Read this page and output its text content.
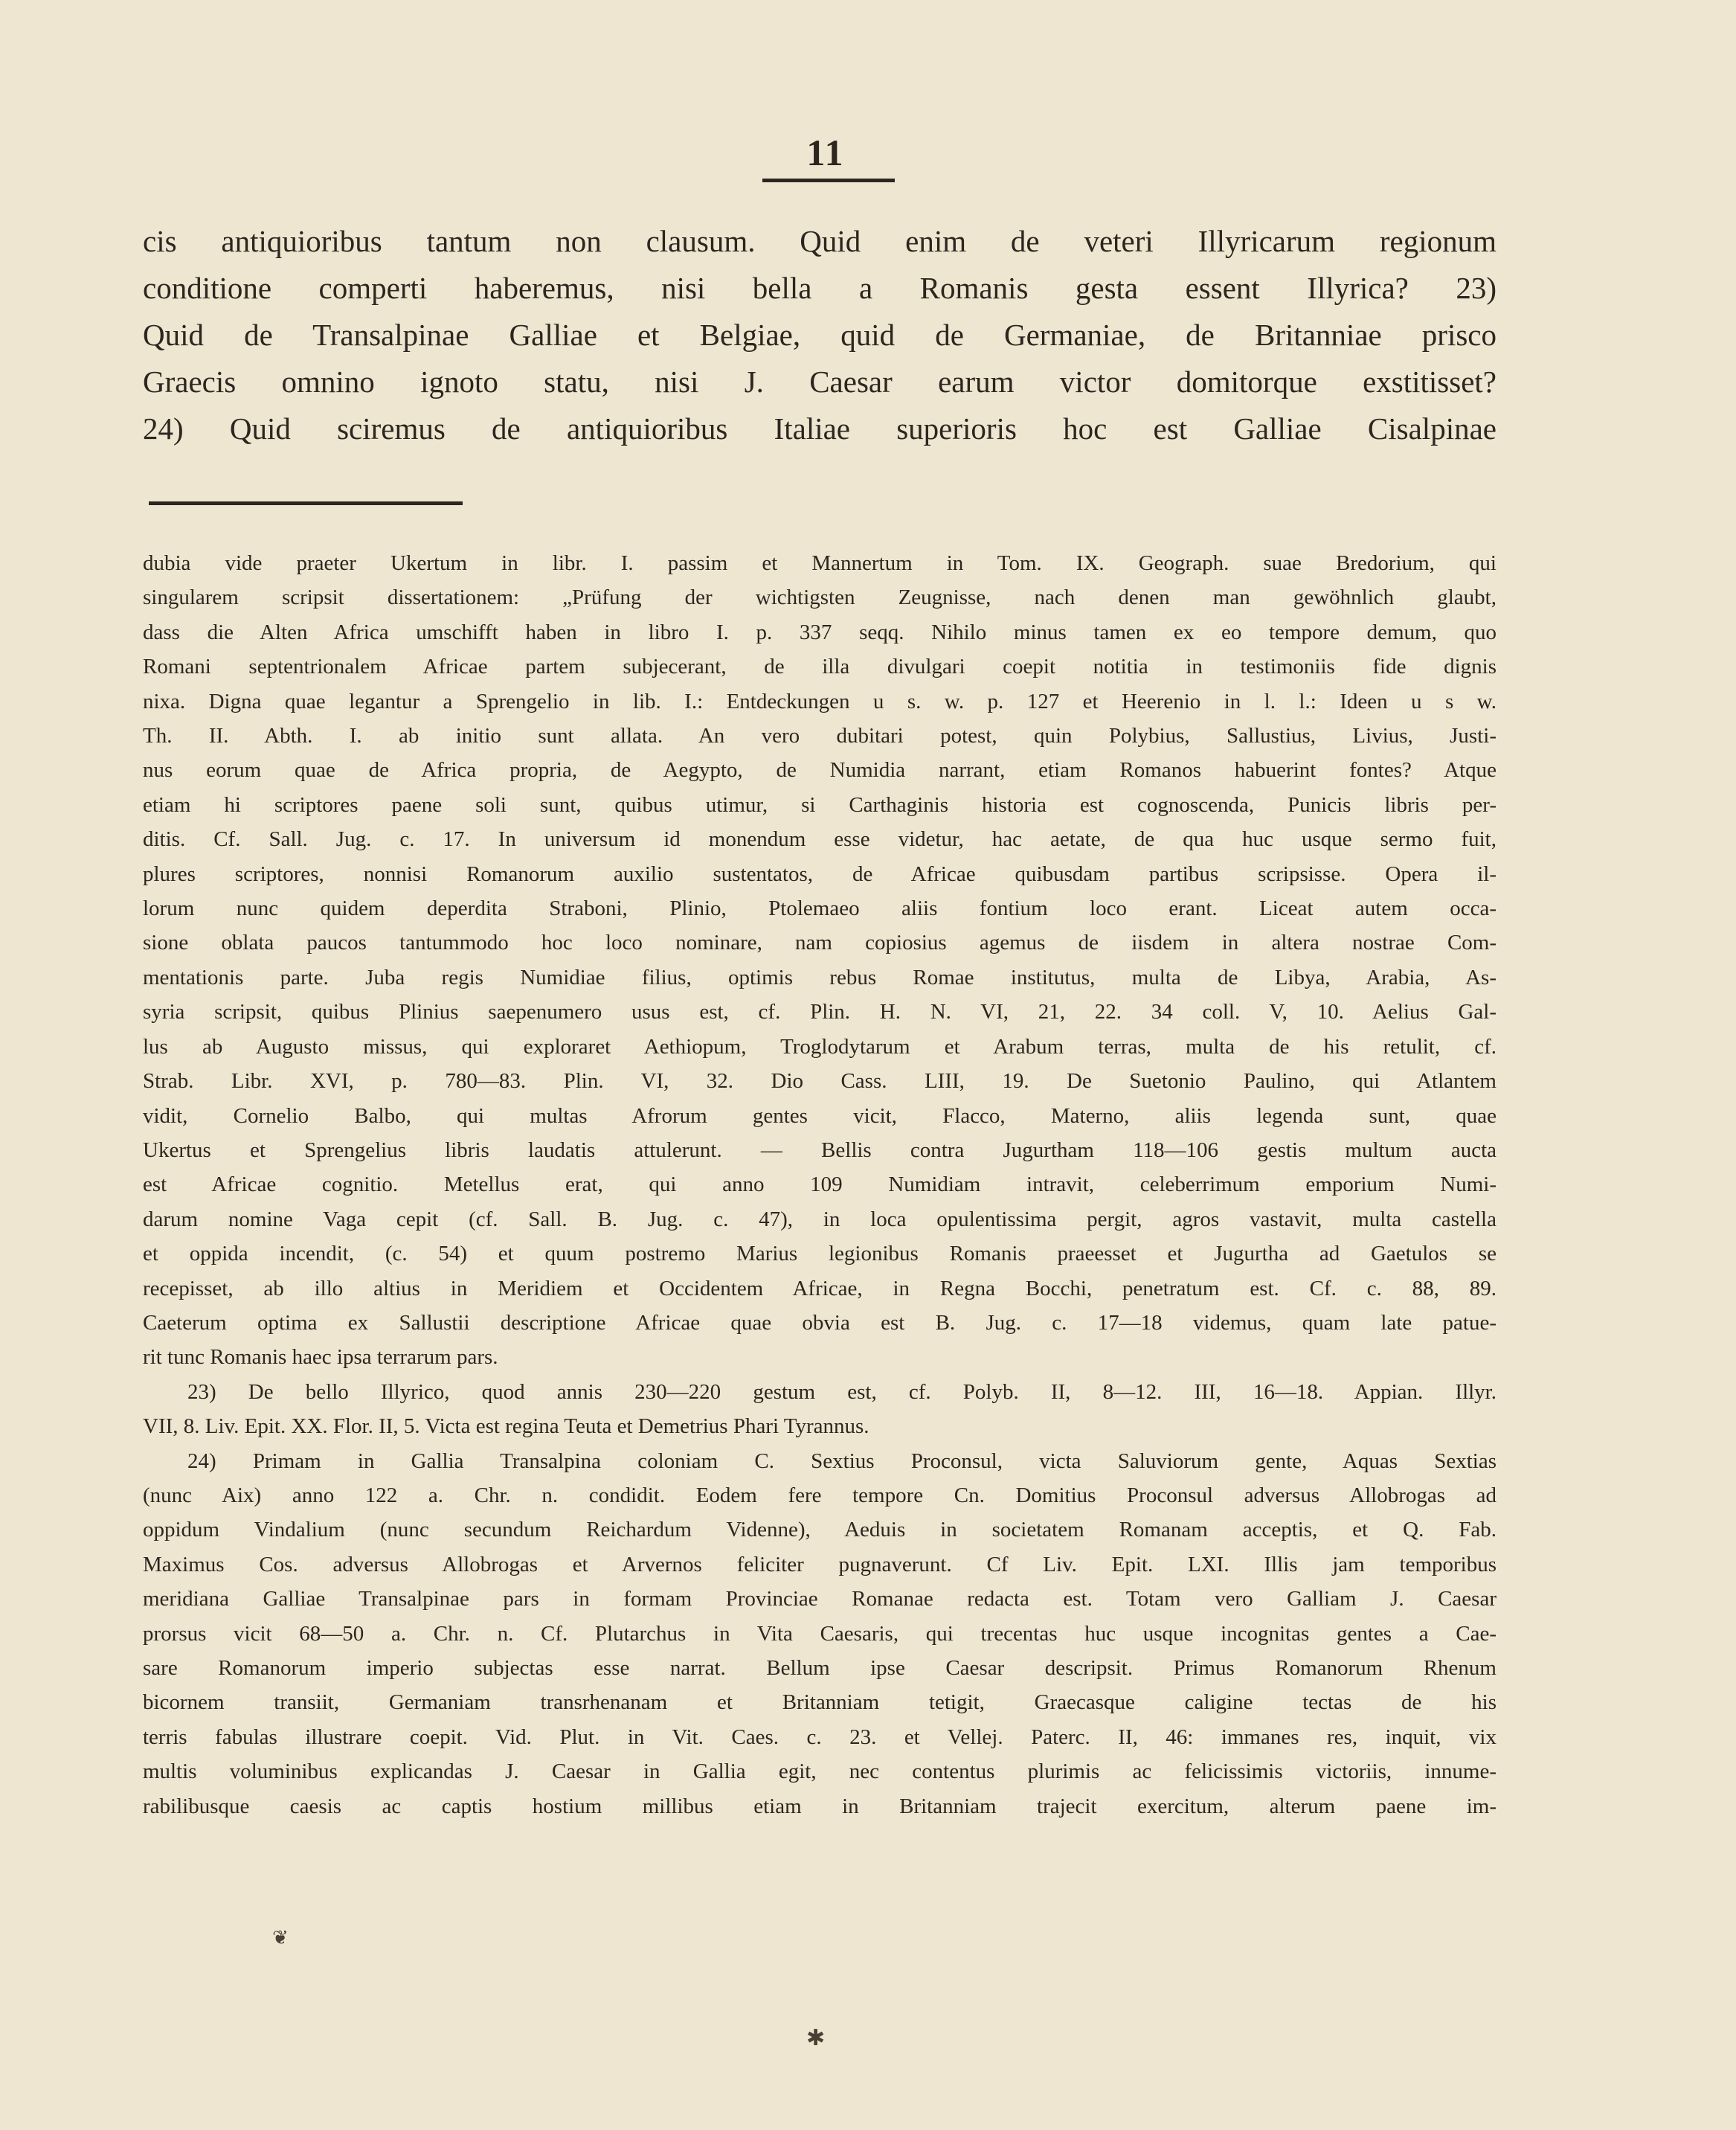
11
cis antiquioribus tantum non clausum. Quid enim de veteri Illyricarum regionum
conditione comperti haberemus, nisi bella a Romanis gesta essent Illyrica? 23)
Quid de Transalpinae Galliae et Belgiae, quid de Germaniae, de Britanniae prisco
Graecis omnino ignoto statu, nisi J. Caesar earum victor domitorque exstitisset?
24) Quid sciremus de antiquioribus Italiae superioris hoc est Galliae Cisalpinae
dubia vide praeter Ukertum in libr. I. passim et Mannertum in Tom. IX. Geograph. suae Bredorium, qui
singularem scripsit dissertationem: „Prüfung der wichtigsten Zeugnisse, nach denen man gewöhnlich glaubt,
dass die Alten Africa umschifft haben in libro I. p. 337 seqq. Nihilo minus tamen ex eo tempore demum, quo
Romani septentrionalem Africae partem subjecerant, de illa divulgari coepit notitia in testimoniis fide dignis
nixa. Digna quae legantur a Sprengelio in lib. I.: Entdeckungen u s. w. p. 127 et Heerenio in l. l.: Ideen u s w.
Th. II. Abth. I. ab initio sunt allata. An vero dubitari potest, quin Polybius, Sallustius, Livius, Justi-
nus eorum quae de Africa propria, de Aegypto, de Numidia narrant, etiam Romanos habuerint fontes? Atque
etiam hi scriptores paene soli sunt, quibus utimur, si Carthaginis historia est cognoscenda, Punicis libris per-
ditis. Cf. Sall. Jug. c. 17. In universum id monendum esse videtur, hac aetate, de qua huc usque sermo fuit,
plures scriptores, nonnisi Romanorum auxilio sustentatos, de Africae quibusdam partibus scripsisse. Opera il-
lorum nunc quidem deperdita Straboni, Plinio, Ptolemaeo aliis fontium loco erant. Liceat autem occa-
sione oblata paucos tantummodo hoc loco nominare, nam copiosius agemus de iisdem in altera nostrae Com-
mentationis parte. Juba regis Numidiae filius, optimis rebus Romae institutus, multa de Libya, Arabia, As-
syria scripsit, quibus Plinius saepenumero usus est, cf. Plin. H. N. VI, 21, 22. 34 coll. V, 10. Aelius Gal-
lus ab Augusto missus, qui exploraret Aethiopum, Troglodytarum et Arabum terras, multa de his retulit, cf.
Strab. Libr. XVI, p. 780—83. Plin. VI, 32. Dio Cass. LIII, 19. De Suetonio Paulino, qui Atlantem
vidit, Cornelio Balbo, qui multas Afrorum gentes vicit, Flacco, Materno, aliis legenda sunt, quae
Ukertus et Sprengelius libris laudatis attulerunt. — Bellis contra Jugurtham 118—106 gestis multum aucta
est Africae cognitio. Metellus erat, qui anno 109 Numidiam intravit, celeberrimum emporium Numi-
darum nomine Vaga cepit (cf. Sall. B. Jug. c. 47), in loca opulentissima pergit, agros vastavit, multa castella
et oppida incendit, (c. 54) et quum postremo Marius legionibus Romanis praeesset et Jugurtha ad Gaetulos se
recepisset, ab illo altius in Meridiem et Occidentem Africae, in Regna Bocchi, penetratum est. Cf. c. 88, 89.
Caeterum optima ex Sallustii descriptione Africae quae obvia est B. Jug. c. 17—18 videmus, quam late patue-
rit tunc Romanis haec ipsa terrarum pars.
23) De bello Illyrico, quod annis 230—220 gestum est, cf. Polyb. II, 8—12. III, 16—18. Appian. Illyr.
VII, 8. Liv. Epit. XX. Flor. II, 5. Victa est regina Teuta et Demetrius Phari Tyrannus.
24) Primam in Gallia Transalpina coloniam C. Sextius Proconsul, victa Saluviorum gente, Aquas Sextias
(nunc Aix) anno 122 a. Chr. n. condidit. Eodem fere tempore Cn. Domitius Proconsul adversus Allobrogas ad
oppidum Vindalium (nunc secundum Reichardum Videnne), Aeduis in societatem Romanam acceptis, et Q. Fab.
Maximus Cos. adversus Allobrogas et Arvernos feliciter pugnaverunt. Cf Liv. Epit. LXI. Illis jam temporibus
meridiana Galliae Transalpinae pars in formam Provinciae Romanae redacta est. Totam vero Galliam J. Caesar
prorsus vicit 68—50 a. Chr. n. Cf. Plutarchus in Vita Caesaris, qui trecentas huc usque incognitas gentes a Cae-
sare Romanorum imperio subjectas esse narrat. Bellum ipse Caesar descripsit. Primus Romanorum Rhenum
bicornem transiit, Germaniam transrhenanam et Britanniam tetigit, Graecasque caligine tectas de his
terris fabulas illustrare coepit. Vid. Plut. in Vit. Caes. c. 23. et Vellej. Paterc. II, 46: immanes res, inquit, vix
multis voluminibus explicandas J. Caesar in Gallia egit, nec contentus plurimis ac felicissimis victoriis, innume-
rabilibusque caesis ac captis hostium millibus etiam in Britanniam trajecit exercitum, alterum paene im-
❦
✱
